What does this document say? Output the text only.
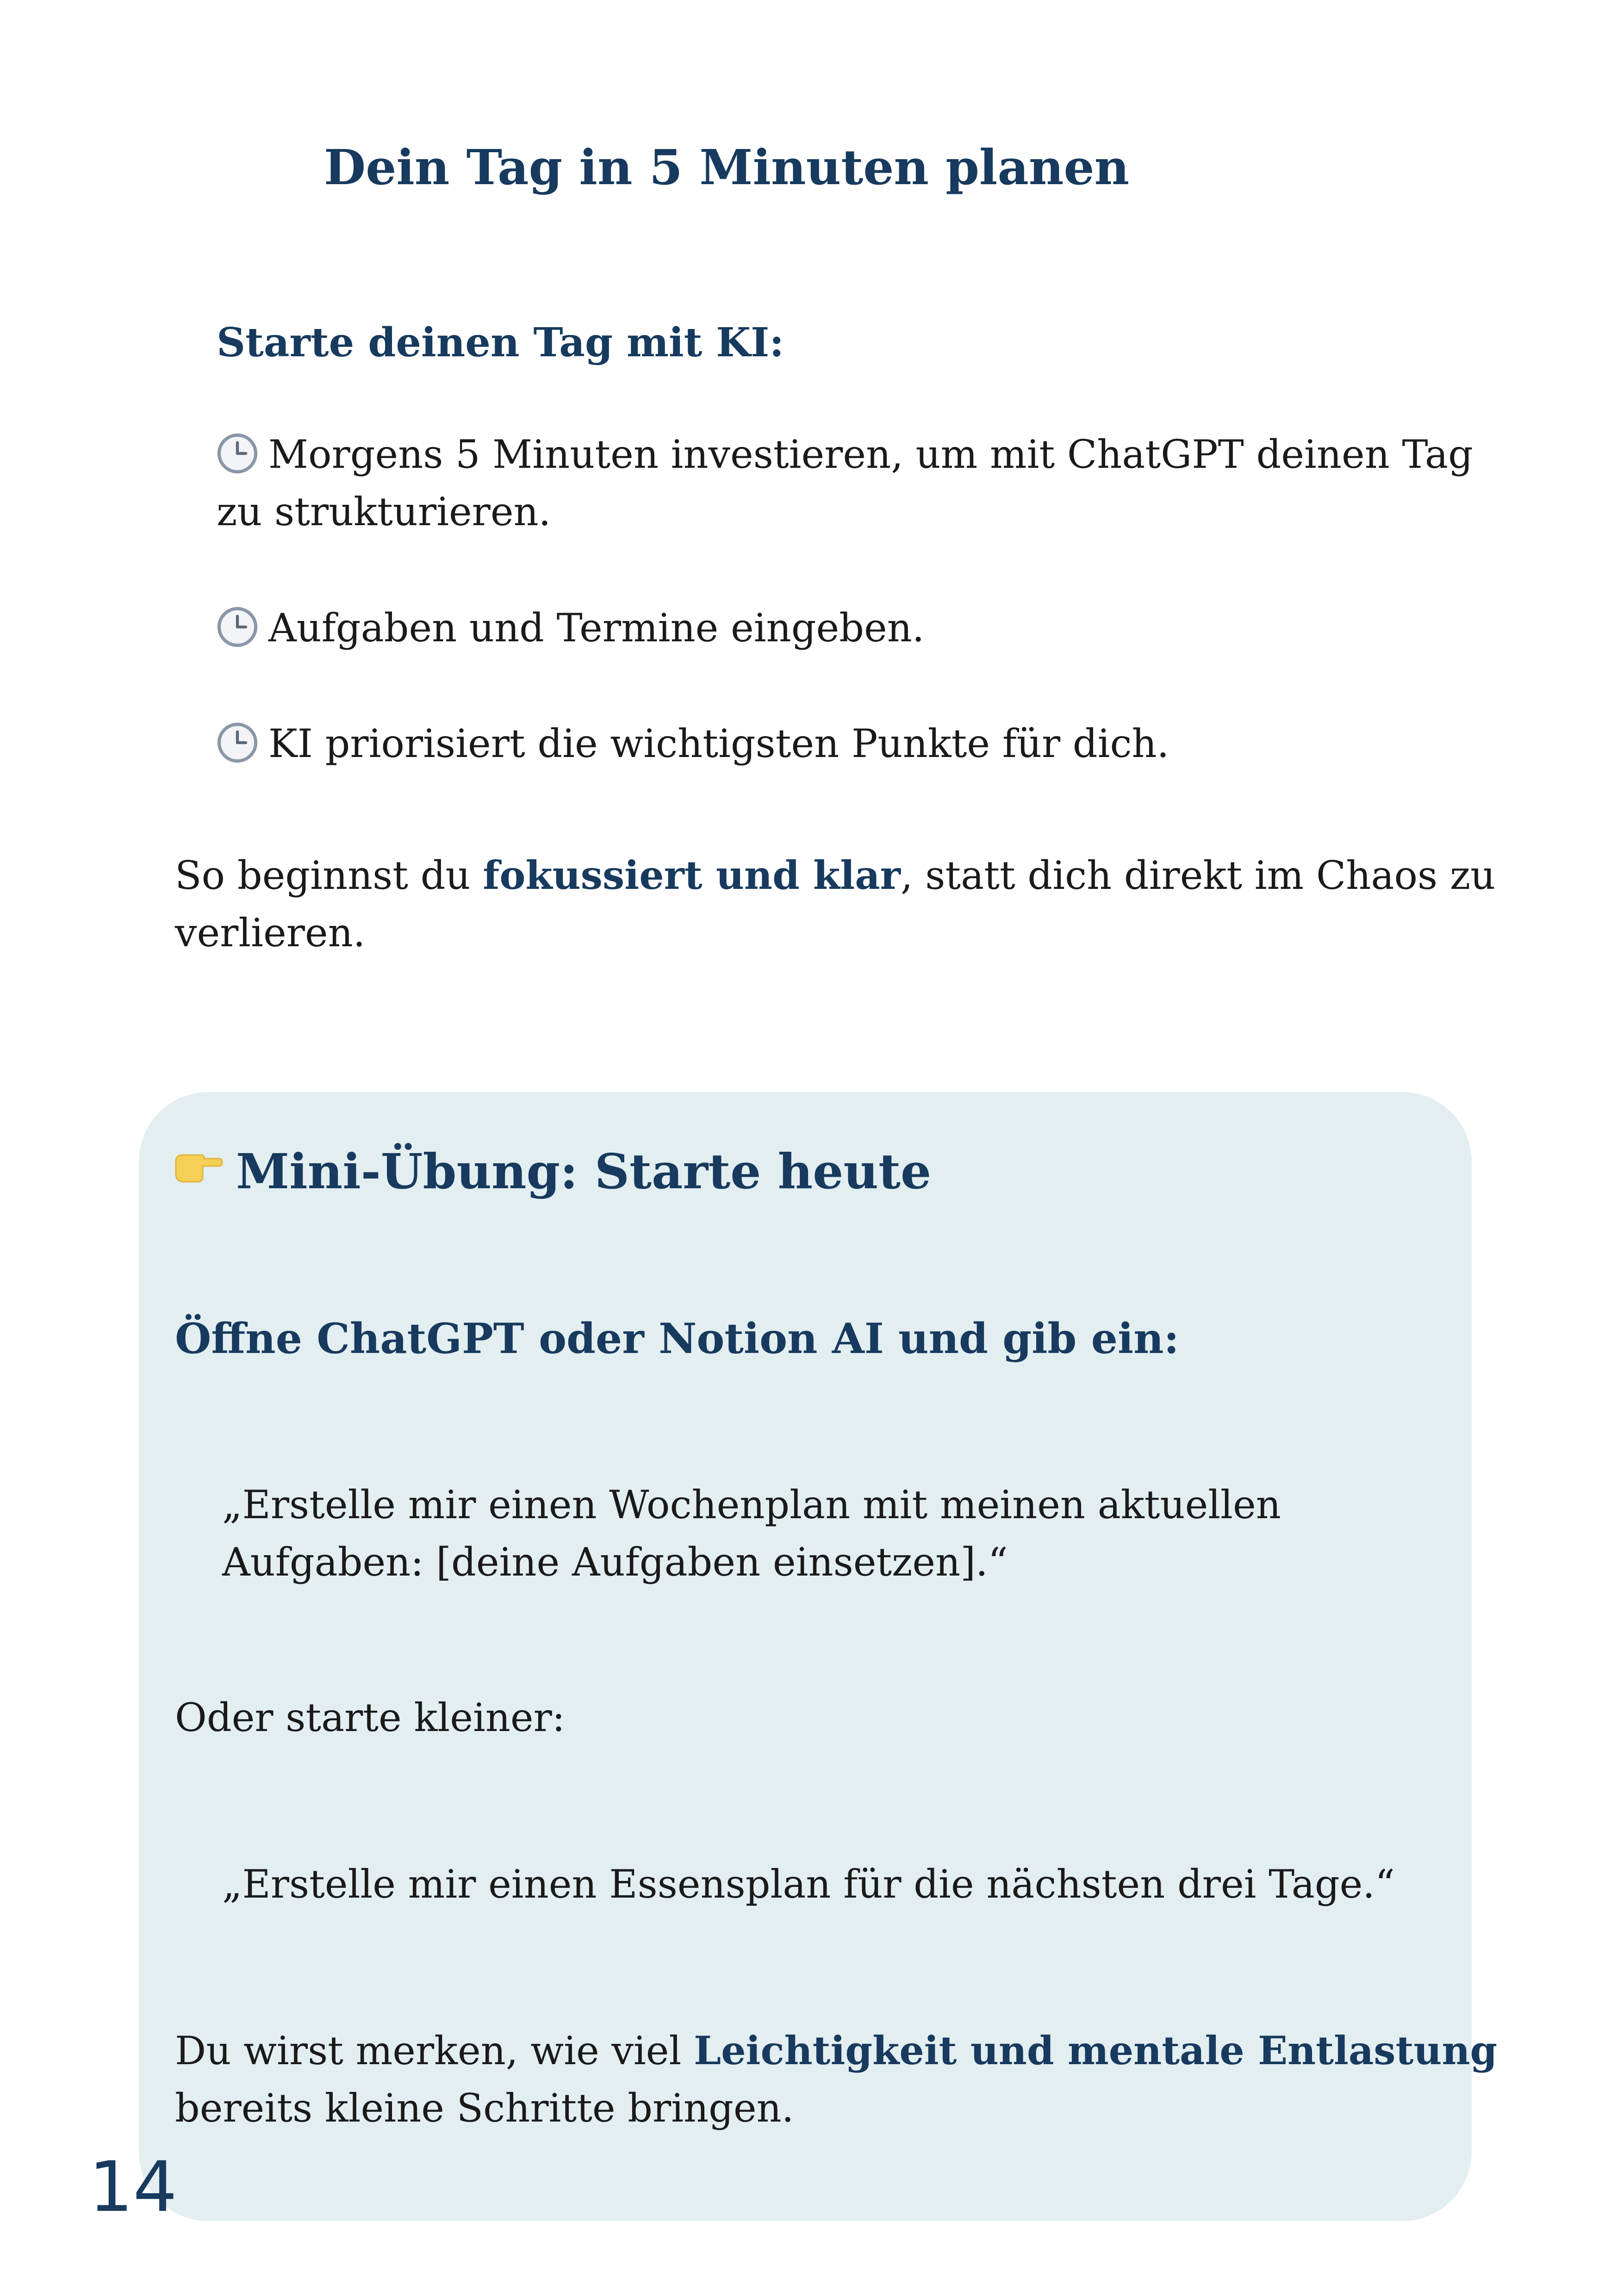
Dein Tag in 5 Minuten planen
Starte deinen Tag mit KI:

Morgens 5 Minuten investieren, um mit ChatGPT deinen Tag zu strukturieren.

Aufgaben und Termine eingeben.

KI priorisiert die wichtigsten Punkte für dich.

So beginnst du fokussiert und klar, statt dich direkt im Chaos zu verlieren.

Mini-Übung: Starte heute
Öffne ChatGPT oder Notion AI und gib ein:

„Erstelle mir einen Wochenplan mit meinen aktuellen Aufgaben: [deine Aufgaben einsetzen].“

Oder starte kleiner:

„Erstelle mir einen Essensplan für die nächsten drei Tage.“

Du wirst merken, wie viel Leichtigkeit und mentale Entlastung bereits kleine Schritte bringen.

14
